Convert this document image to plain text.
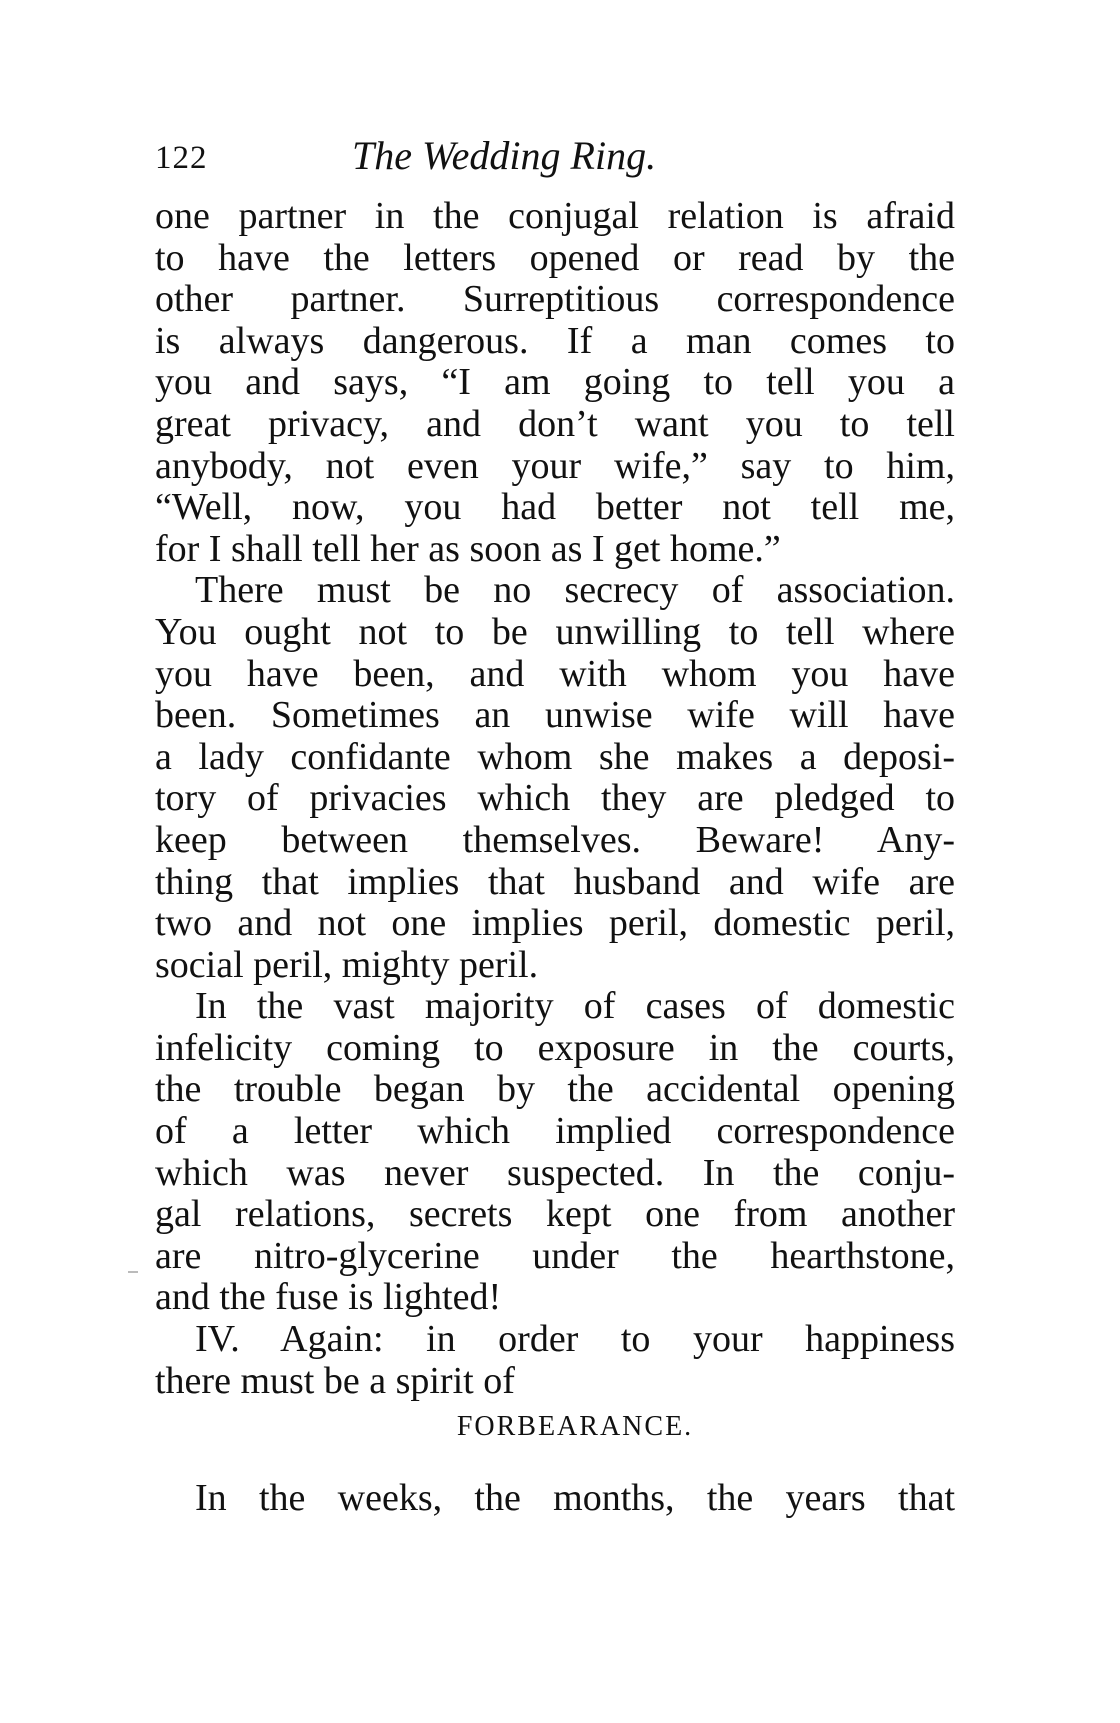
122	The Wedding Ring.
one partner in the conjugal relation is afraid
to have the letters opened or read by the
other partner. Surreptitious correspondence
is always dangerous. If a man comes to
you and says, “I am going to tell you a
great privacy, and don’t want you to tell
anybody, not even your wife,” say to him,
“Well, now, you had better not tell me,
for I shall tell her as soon as I get home.”
There must be no secrecy of association.
You ought not to be unwilling to tell where
you have been, and with whom you have
been. Sometimes an unwise wife will have
a lady confidante whom she makes a deposi-
tory of privacies which they are pledged to
keep between themselves. Beware! Any-
thing that implies that husband and wife are
two and not one implies peril, domestic peril,
social peril, mighty peril.
In the vast majority of cases of domestic
infelicity coming to exposure in the courts,
the trouble began by the accidental opening
of a letter which implied correspondence
which was never suspected. In the conju-
gal relations, secrets kept one from another
are nitro-glycerine under the hearthstone,
and the fuse is lighted!
IV. Again: in order to your happiness
there must be a spirit of
FORBEARANCE.
In the weeks, the months, the years that
